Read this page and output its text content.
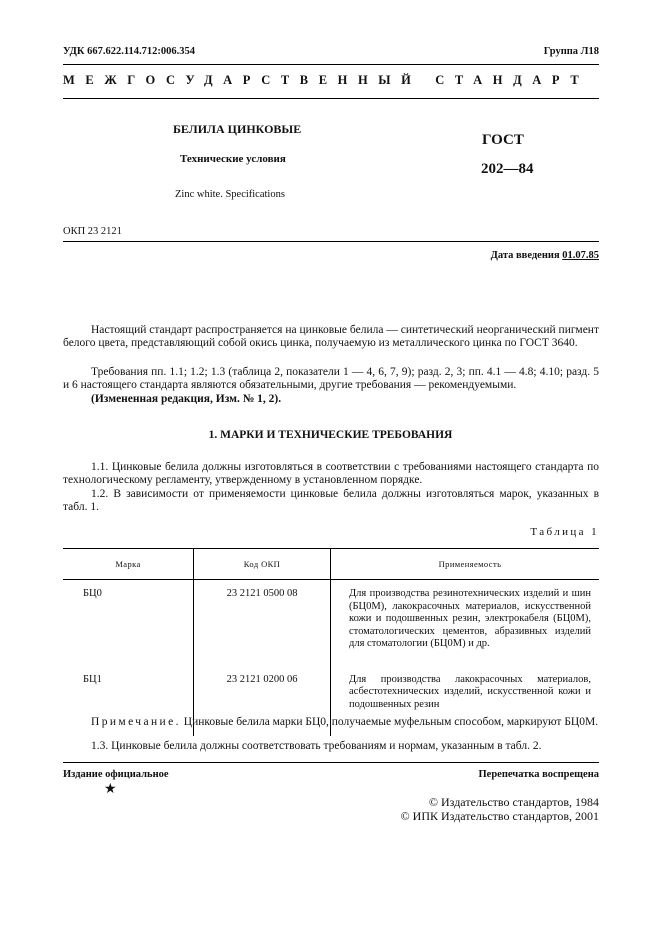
УДК 667.622.114.712:006.354	Группа Л18
МЕЖГОСУДАРСТВЕННЫЙ СТАНДАРТ
БЕЛИЛА ЦИНКОВЫЕ
Технические условия
Zinc white. Specifications
ГОСТ
202—84
ОКП 23 2121
Дата введения 01.07.85
Настоящий стандарт распространяется на цинковые белила — синтетический неорганический пигмент белого цвета, представляющий собой окись цинка, получаемую из металлического цинка по ГОСТ 3640.
Требования пп. 1.1; 1.2; 1.3 (таблица 2, показатели 1 — 4, 6, 7, 9); разд. 2, 3; пп. 4.1 — 4.8; 4.10; разд. 5 и 6 настоящего стандарта являются обязательными, другие требования — рекомендуемыми.
(Измененная редакция, Изм. № 1, 2).
1. МАРКИ И ТЕХНИЧЕСКИЕ ТРЕБОВАНИЯ
1.1. Цинковые белила должны изготовляться в соответствии с требованиями настоящего стандарта по технологическому регламенту, утвержденному в установленном порядке.
1.2. В зависимости от применяемости цинковые белила должны изготовляться марок, указанных в табл. 1.
Таблица 1
Марка	Код ОКП	Применяемость
БЦ0	23 2121 0500 08	Для производства резинотехнических изделий и шин (БЦ0М), лакокрасочных материалов, искусственной кожи и подошвенных резин, электрокабеля (БЦ0М), стоматологических цементов, абразивных изделий для стоматологии (БЦ0М) и др.
БЦ1	23 2121 0200 06	Для производства лакокрасочных материалов, асбестотехнических изделий, искусственной кожи и подошвенных резин
Примечание. Цинковые белила марки БЦ0, получаемые муфельным способом, маркируют БЦ0М.
1.3. Цинковые белила должны соответствовать требованиям и нормам, указанным в табл. 2.
Издание официальное
★
Перепечатка воспрещена
© Издательство стандартов, 1984
© ИПК Издательство стандартов, 2001
